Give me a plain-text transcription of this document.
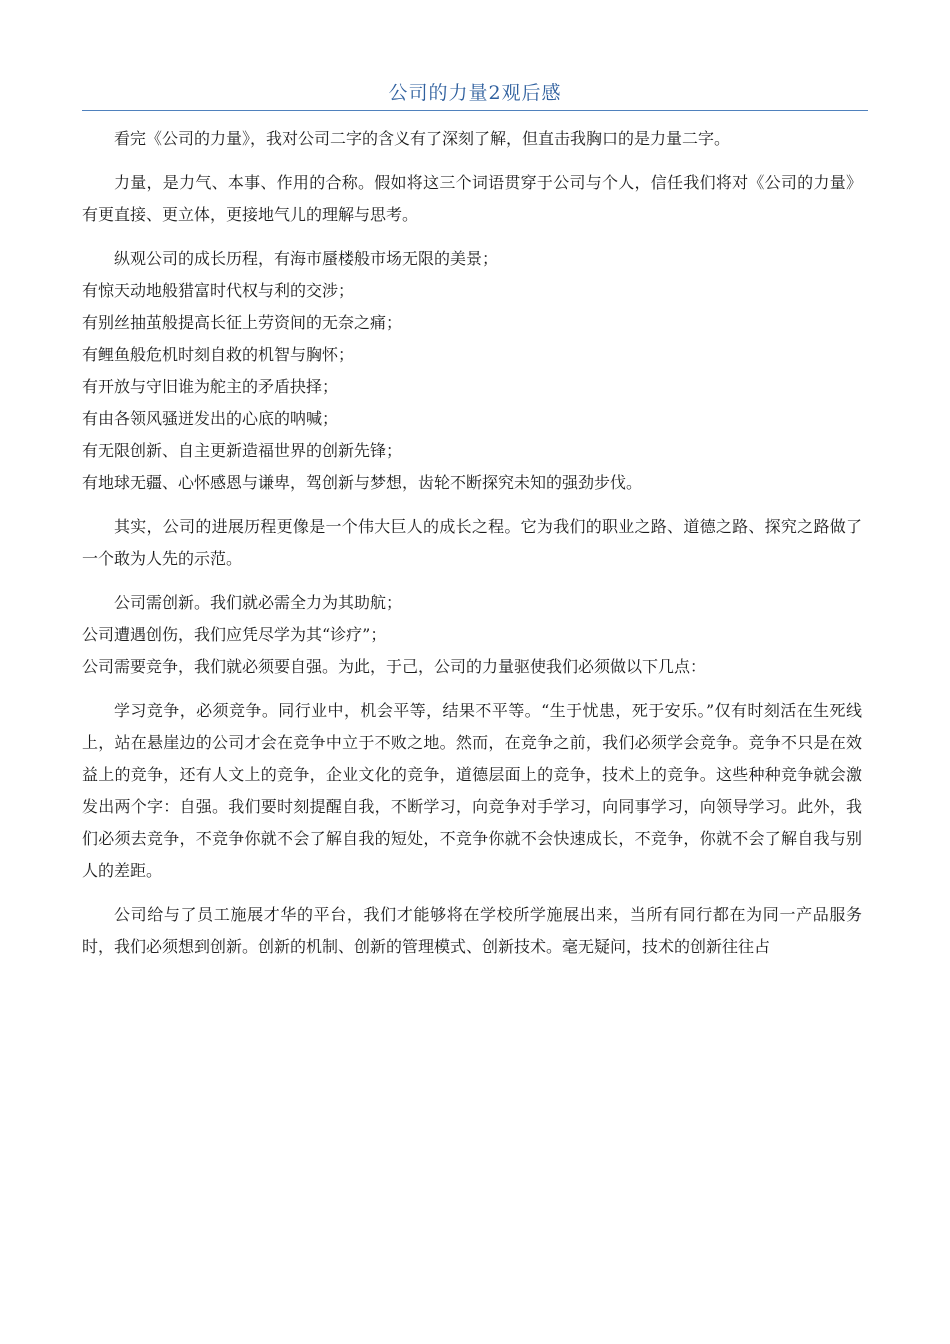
公司的力量2观后感

看完《公司的力量》，我对公司二字的含义有了深刻了解，但直击我胸口的是力量二字。

力量，是力气、本事、作用的合称。假如将这三个词语贯穿于公司与个人，信任我们将对《公司的力量》有更直接、更立体，更接地气儿的理解与思考。

纵观公司的成长历程，有海市蜃楼般市场无限的美景；

有惊天动地般猎富时代权与利的交涉；

有别丝抽茧般提高长征上劳资间的无奈之痛；

有鲤鱼般危机时刻自救的机智与胸怀；

有开放与守旧谁为舵主的矛盾抉择；

有由各领风骚迸发出的心底的呐喊；

有无限创新、自主更新造福世界的创新先锋；

有地球无疆、心怀感恩与谦卑，驾创新与梦想，齿轮不断探究未知的强劲步伐。

其实，公司的进展历程更像是一个伟大巨人的成长之程。它为我们的职业之路、道德之路、探究之路做了一个敢为人先的示范。

公司需创新。我们就必需全力为其助航；

公司遭遇创伤，我们应凭尽学为其“诊疗”；

公司需要竞争，我们就必须要自强。为此，于己，公司的力量驱使我们必须做以下几点：

学习竞争，必须竞争。同行业中，机会平等，结果不平等。“生于忧患，死于安乐。”仅有时刻活在生死线上，站在悬崖边的公司才会在竞争中立于不败之地。然而，在竞争之前，我们必须学会竞争。竞争不只是在效益上的竞争，还有人文上的竞争，企业文化的竞争，道德层面上的竞争，技术上的竞争。这些种种竞争就会激发出两个字：自强。我们要时刻提醒自我，不断学习，向竞争对手学习，向同事学习，向领导学习。此外，我们必须去竞争，不竞争你就不会了解自我的短处，不竞争你就不会快速成长，不竞争，你就不会了解自我与别人的差距。

公司给与了员工施展才华的平台，我们才能够将在学校所学施展出来，当所有同行都在为同一产品服务时，我们必须想到创新。创新的机制、创新的管理模式、创新技术。毫无疑问，技术的创新往往占
